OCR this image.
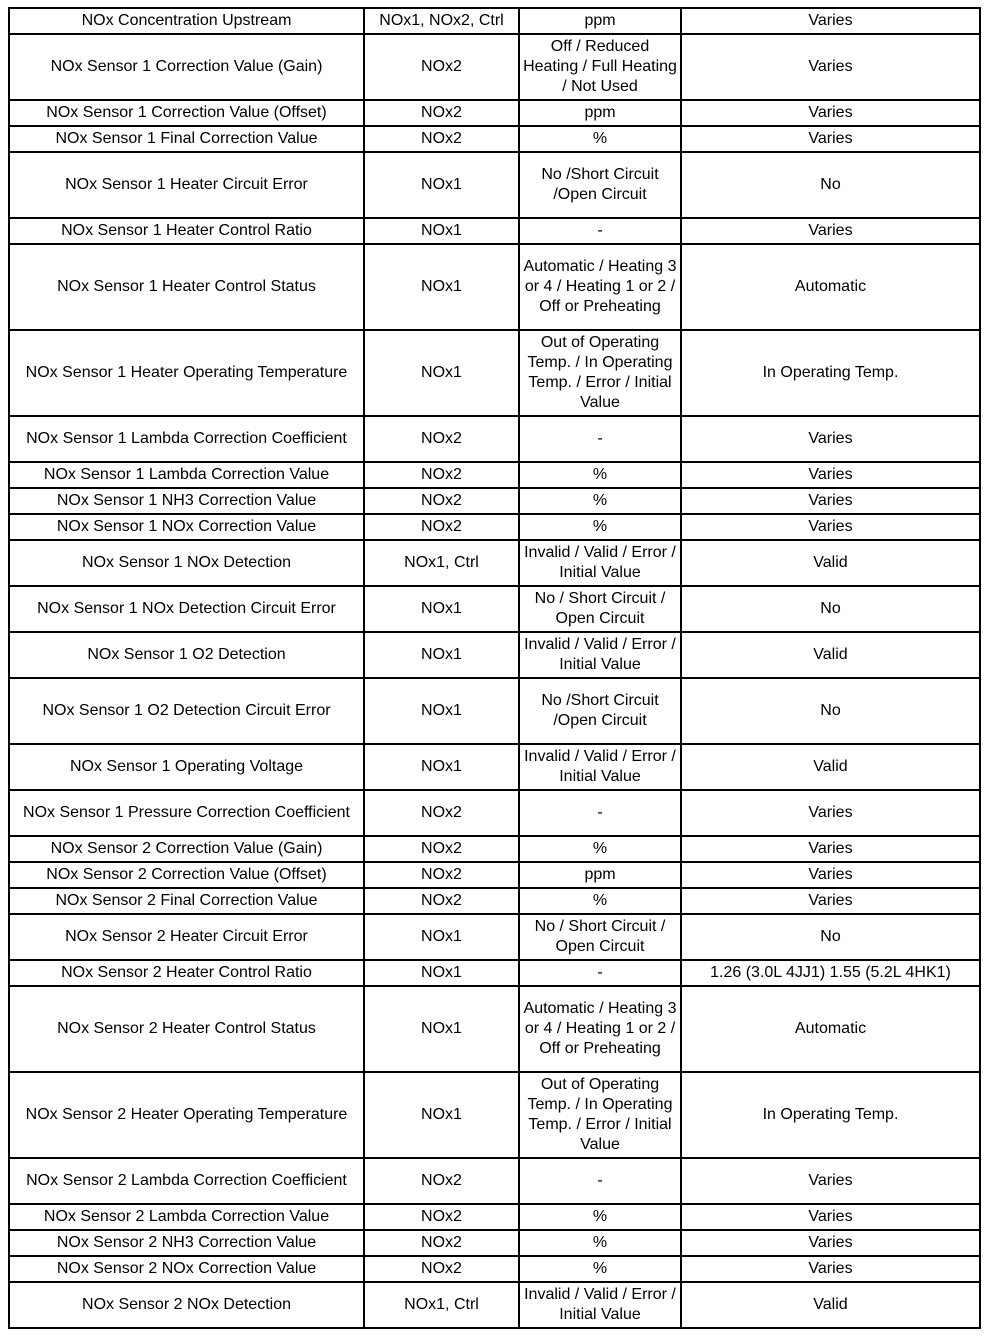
NOx Concentration Upstream	NOx1, NOx2, Ctrl	ppm	Varies
NOx Sensor 1 Correction Value (Gain)	NOx2	Off / Reduced Heating / Full Heating / Not Used	Varies
NOx Sensor 1 Correction Value (Offset)	NOx2	ppm	Varies
NOx Sensor 1 Final Correction Value	NOx2	%	Varies
NOx Sensor 1 Heater Circuit Error	NOx1	No /Short Circuit /Open Circuit	No
NOx Sensor 1 Heater Control Ratio	NOx1	-	Varies
NOx Sensor 1 Heater Control Status	NOx1	Automatic / Heating 3 or 4 / Heating 1 or 2 / Off or Preheating	Automatic
NOx Sensor 1 Heater Operating Temperature	NOx1	Out of Operating Temp. / In Operating Temp. / Error / Initial Value	In Operating Temp.
NOx Sensor 1 Lambda Correction Coefficient	NOx2	-	Varies
NOx Sensor 1 Lambda Correction Value	NOx2	%	Varies
NOx Sensor 1 NH3 Correction Value	NOx2	%	Varies
NOx Sensor 1 NOx Correction Value	NOx2	%	Varies
NOx Sensor 1 NOx Detection	NOx1, Ctrl	Invalid / Valid / Error / Initial Value	Valid
NOx Sensor 1 NOx Detection Circuit Error	NOx1	No / Short Circuit / Open Circuit	No
NOx Sensor 1 O2 Detection	NOx1	Invalid / Valid / Error / Initial Value	Valid
NOx Sensor 1 O2 Detection Circuit Error	NOx1	No /Short Circuit /Open Circuit	No
NOx Sensor 1 Operating Voltage	NOx1	Invalid / Valid / Error / Initial Value	Valid
NOx Sensor 1 Pressure Correction Coefficient	NOx2	-	Varies
NOx Sensor 2 Correction Value (Gain)	NOx2	%	Varies
NOx Sensor 2 Correction Value (Offset)	NOx2	ppm	Varies
NOx Sensor 2 Final Correction Value	NOx2	%	Varies
NOx Sensor 2 Heater Circuit Error	NOx1	No / Short Circuit / Open Circuit	No
NOx Sensor 2 Heater Control Ratio	NOx1	-	1.26 (3.0L 4JJ1) 1.55 (5.2L 4HK1)
NOx Sensor 2 Heater Control Status	NOx1	Automatic / Heating 3 or 4 / Heating 1 or 2 / Off or Preheating	Automatic
NOx Sensor 2 Heater Operating Temperature	NOx1	Out of Operating Temp. / In Operating Temp. / Error / Initial Value	In Operating Temp.
NOx Sensor 2 Lambda Correction Coefficient	NOx2	-	Varies
NOx Sensor 2 Lambda Correction Value	NOx2	%	Varies
NOx Sensor 2 NH3 Correction Value	NOx2	%	Varies
NOx Sensor 2 NOx Correction Value	NOx2	%	Varies
NOx Sensor 2 NOx Detection	NOx1, Ctrl	Invalid / Valid / Error / Initial Value	Valid
